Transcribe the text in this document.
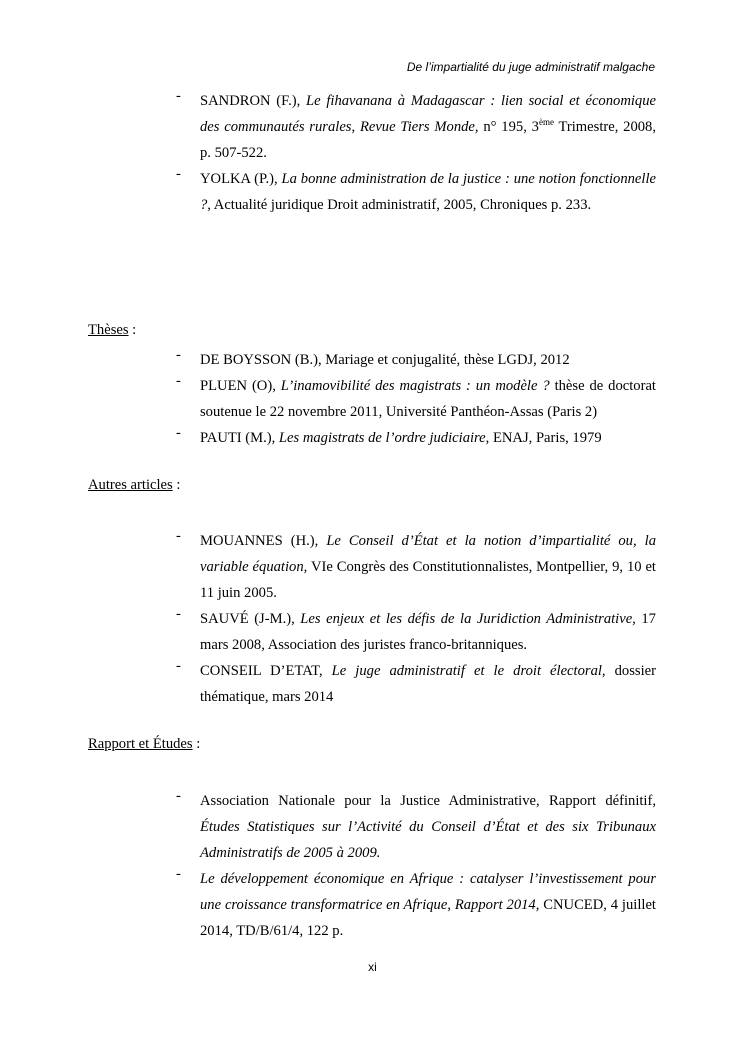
De l’impartialité du juge administratif malgache
- SANDRON (F.), Le fihavanana à Madagascar : lien social et économique des communautés rurales, Revue Tiers Monde, n° 195, 3ème Trimestre, 2008, p. 507-522.
- YOLKA (P.), La bonne administration de la justice : une notion fonctionnelle ?, Actualité juridique Droit administratif, 2005, Chroniques p. 233.
Thèses :
- DE BOYSSON (B.), Mariage et conjugalité, thèse LGDJ, 2012
- PLUEN (O), L’inamovibilité des magistrats : un modèle ? thèse de doctorat soutenue le 22 novembre 2011, Université Panthéon-Assas (Paris 2)
- PAUTI (M.), Les magistrats de l’ordre judiciaire, ENAJ, Paris, 1979
Autres articles :
- MOUANNES (H.), Le Conseil d’État et la notion d’impartialité ou, la variable équation, VIe Congrès des Constitutionnalistes, Montpellier, 9, 10 et 11 juin 2005.
- SAUVÉ (J-M.), Les enjeux et les défis de la Juridiction Administrative, 17 mars 2008, Association des juristes franco-britanniques.
- CONSEIL D’ETAT, Le juge administratif et le droit électoral, dossier thématique, mars 2014
Rapport et Études :
- Association Nationale pour la Justice Administrative, Rapport définitif, Études Statistiques sur l’Activité du Conseil d’État et des six Tribunaux Administratifs de 2005 à 2009.
- Le développement économique en Afrique : catalyser l’investissement pour une croissance transformatrice en Afrique, Rapport 2014, CNUCED, 4 juillet 2014, TD/B/61/4, 122 p.
xi
